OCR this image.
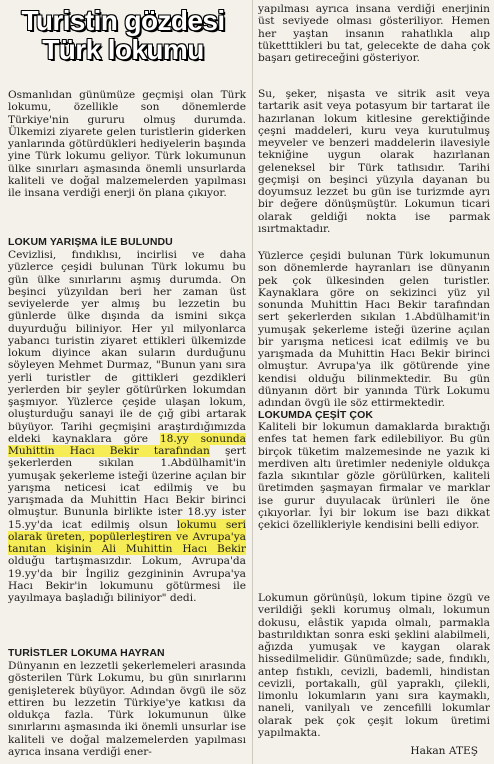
Turistin gözdesi
Türk lokumu

Osmanlıdan günümüze geçmişi olan Türk lokumu, özellikle son dönemlerde Türkiye'nin gururu olmuş durumda. Ülkemizi ziyarete gelen turistlerin giderken yanlarında götürdükleri hediyelerin başında yine Türk lokumu geliyor. Türk lokumunun ülke sınırları aşmasında önemli unsurlarda kaliteli ve doğal malzemelerden yapılması ile insana verdiği enerji ön plana çıkıyor.

LOKUM YARIŞMA İLE BULUNDU

Cevizlisi, fındıklısı, incirlisi ve daha yüzlerce çeşidi bulunan Türk lokumu bu gün ülke sınırlarını aşmış durumda. On beşinci yüzyıldan beri her zaman üst seviyelerde yer almış bu lezzetin bu günlerde ülke dışında da ismini sıkça duyurduğu biliniyor. Her yıl milyonlarca yabancı turistin ziyaret ettikleri ülkemizde lokum diyince akan suların durduğunu söyleyen Mehmet Durmaz, "Bunun yanı sıra yerli turistler de gittikleri gezdikleri yerlerden bir şeyler götürürken lokumdan şaşmıyor. Yüzlerce çeşide ulaşan lokum, oluşturduğu sanayi ile de çığ gibi artarak büyüyor. Tarihi geçmişini araştırdığımızda eldeki kaynaklara göre 18.yy sonunda Muhittin Hacı Bekir tarafından şert şekerlerden sıkılan 1.Abdülhamit'in yumuşak şekerleme isteği üzerine açılan bir yarışma neticesi icat edilmiş ve bu yarışmada da Muhittin Hacı Bekir birinci olmuştur. Bununla birlikte ister 18.yy ister 15.yy'da icat edilmiş olsun lokumu seri olarak üreten, popülerleştiren ve Avrupa'ya tanıtan kişinin Ali Muhittin Hacı Bekir olduğu tartışmasızdır. Lokum, Avrupa'da 19.yy'da bir İngiliz gezgininin Avrupa'ya Hacı Bekir'in lokumunu götürmesi ile yayılmaya başladığı biliniyor" dedi.

TURİSTLER LOKUMA HAYRAN

Dünyanın en lezzetli şekerlemeleri arasında gösterilen Türk Lokumu, bu gün sınırlarını genişleterek büyüyor. Adından övgü ile söz ettiren bu lezzetin Türkiye'ye katkısı da oldukça fazla. Türk lokumunun ülke sınırlarını aşmasında iki önemli unsurlar ise kaliteli ve doğal malzemelerden yapılması ayrıca insana verdiği ener-

yapılması ayrıca insana verdiği enerjinin üst seviyede olması gösteriliyor. Hemen her yaştan insanın rahatlıkla alıp tüketttikleri bu tat, gelecekte de daha çok başarı getireceğini gösteriyor.

Su, şeker, nişasta ve sitrik asit veya tartarik asit veya potasyum bir tartarat ile hazırlanan lokum kitlesine gerektiğinde çeşni maddeleri, kuru veya kurutulmuş meyveler ve benzeri maddelerin ilavesiyle tekniğine uygun olarak hazırlanan geleneksel bir Türk tatlısıdır. Tarihi geçmişi on beşinci yüzyıla dayanan bu doyumsuz lezzet bu gün ise turizmde ayrı bir değere dönüşmüştür. Lokumun ticari olarak geldiği nokta ise parmak ısırtmaktadır.

Yüzlerce çeşidi bulunan Türk lokumunun son dönemlerde hayranları ise dünyanın pek çok ülkesinden gelen turistler. Kaynaklara göre on sekizinci yüz yıl sonunda Muhittin Hacı Bekir tarafından sert şekerlerden sıkılan 1.Abdülhamit'in yumuşak şekerleme isteği üzerine açılan bir yarışma neticesi icat edilmiş ve bu yarışmada da Muhittin Hacı Bekir birinci olmuştur. Avrupa'ya ilk götürende yine kendisi olduğu bilinmektedir. Bu gün dünyanın dört bir yanında Türk Lokumu adından övgü ile söz ettirmektedir.

LOKUMDA ÇEŞİT ÇOK

Kaliteli bir lokumun damaklarda bıraktığı enfes tat hemen fark edilebiliyor. Bu gün birçok tüketim malzemesinde ne yazık ki merdiven altı üretimler nedeniyle oldukça fazla sıkıntılar gözle görülürken, kaliteli üretimden şaşmayan firmalar ve marklar ise gurur duyulacak ürünleri ile öne çıkıyorlar. İyi bir lokum ise bazı dikkat çekici özellikleriyle kendisini belli ediyor.

Lokumun görünüşü, lokum tipine özgü ve verildiği şekli korumuş olmalı, lokumun dokusu, elâstik yapıda olmalı, parmakla bastırıldıktan sonra eski şeklini alabilmeli, ağızda yumuşak ve kaygan olarak hissedilmelidir. Günümüzde; sade, fındıklı, antep fıstıklı, cevizli, bademli, hindistan cevizli, portakallı, gül yapraklı, çilekli, limonlu lokumların yanı sıra kaymaklı, naneli, vanilyalı ve zencefilli lokumlar olarak pek çok çeşit lokum üretimi yapılmakta.

Hakan ATEŞ
